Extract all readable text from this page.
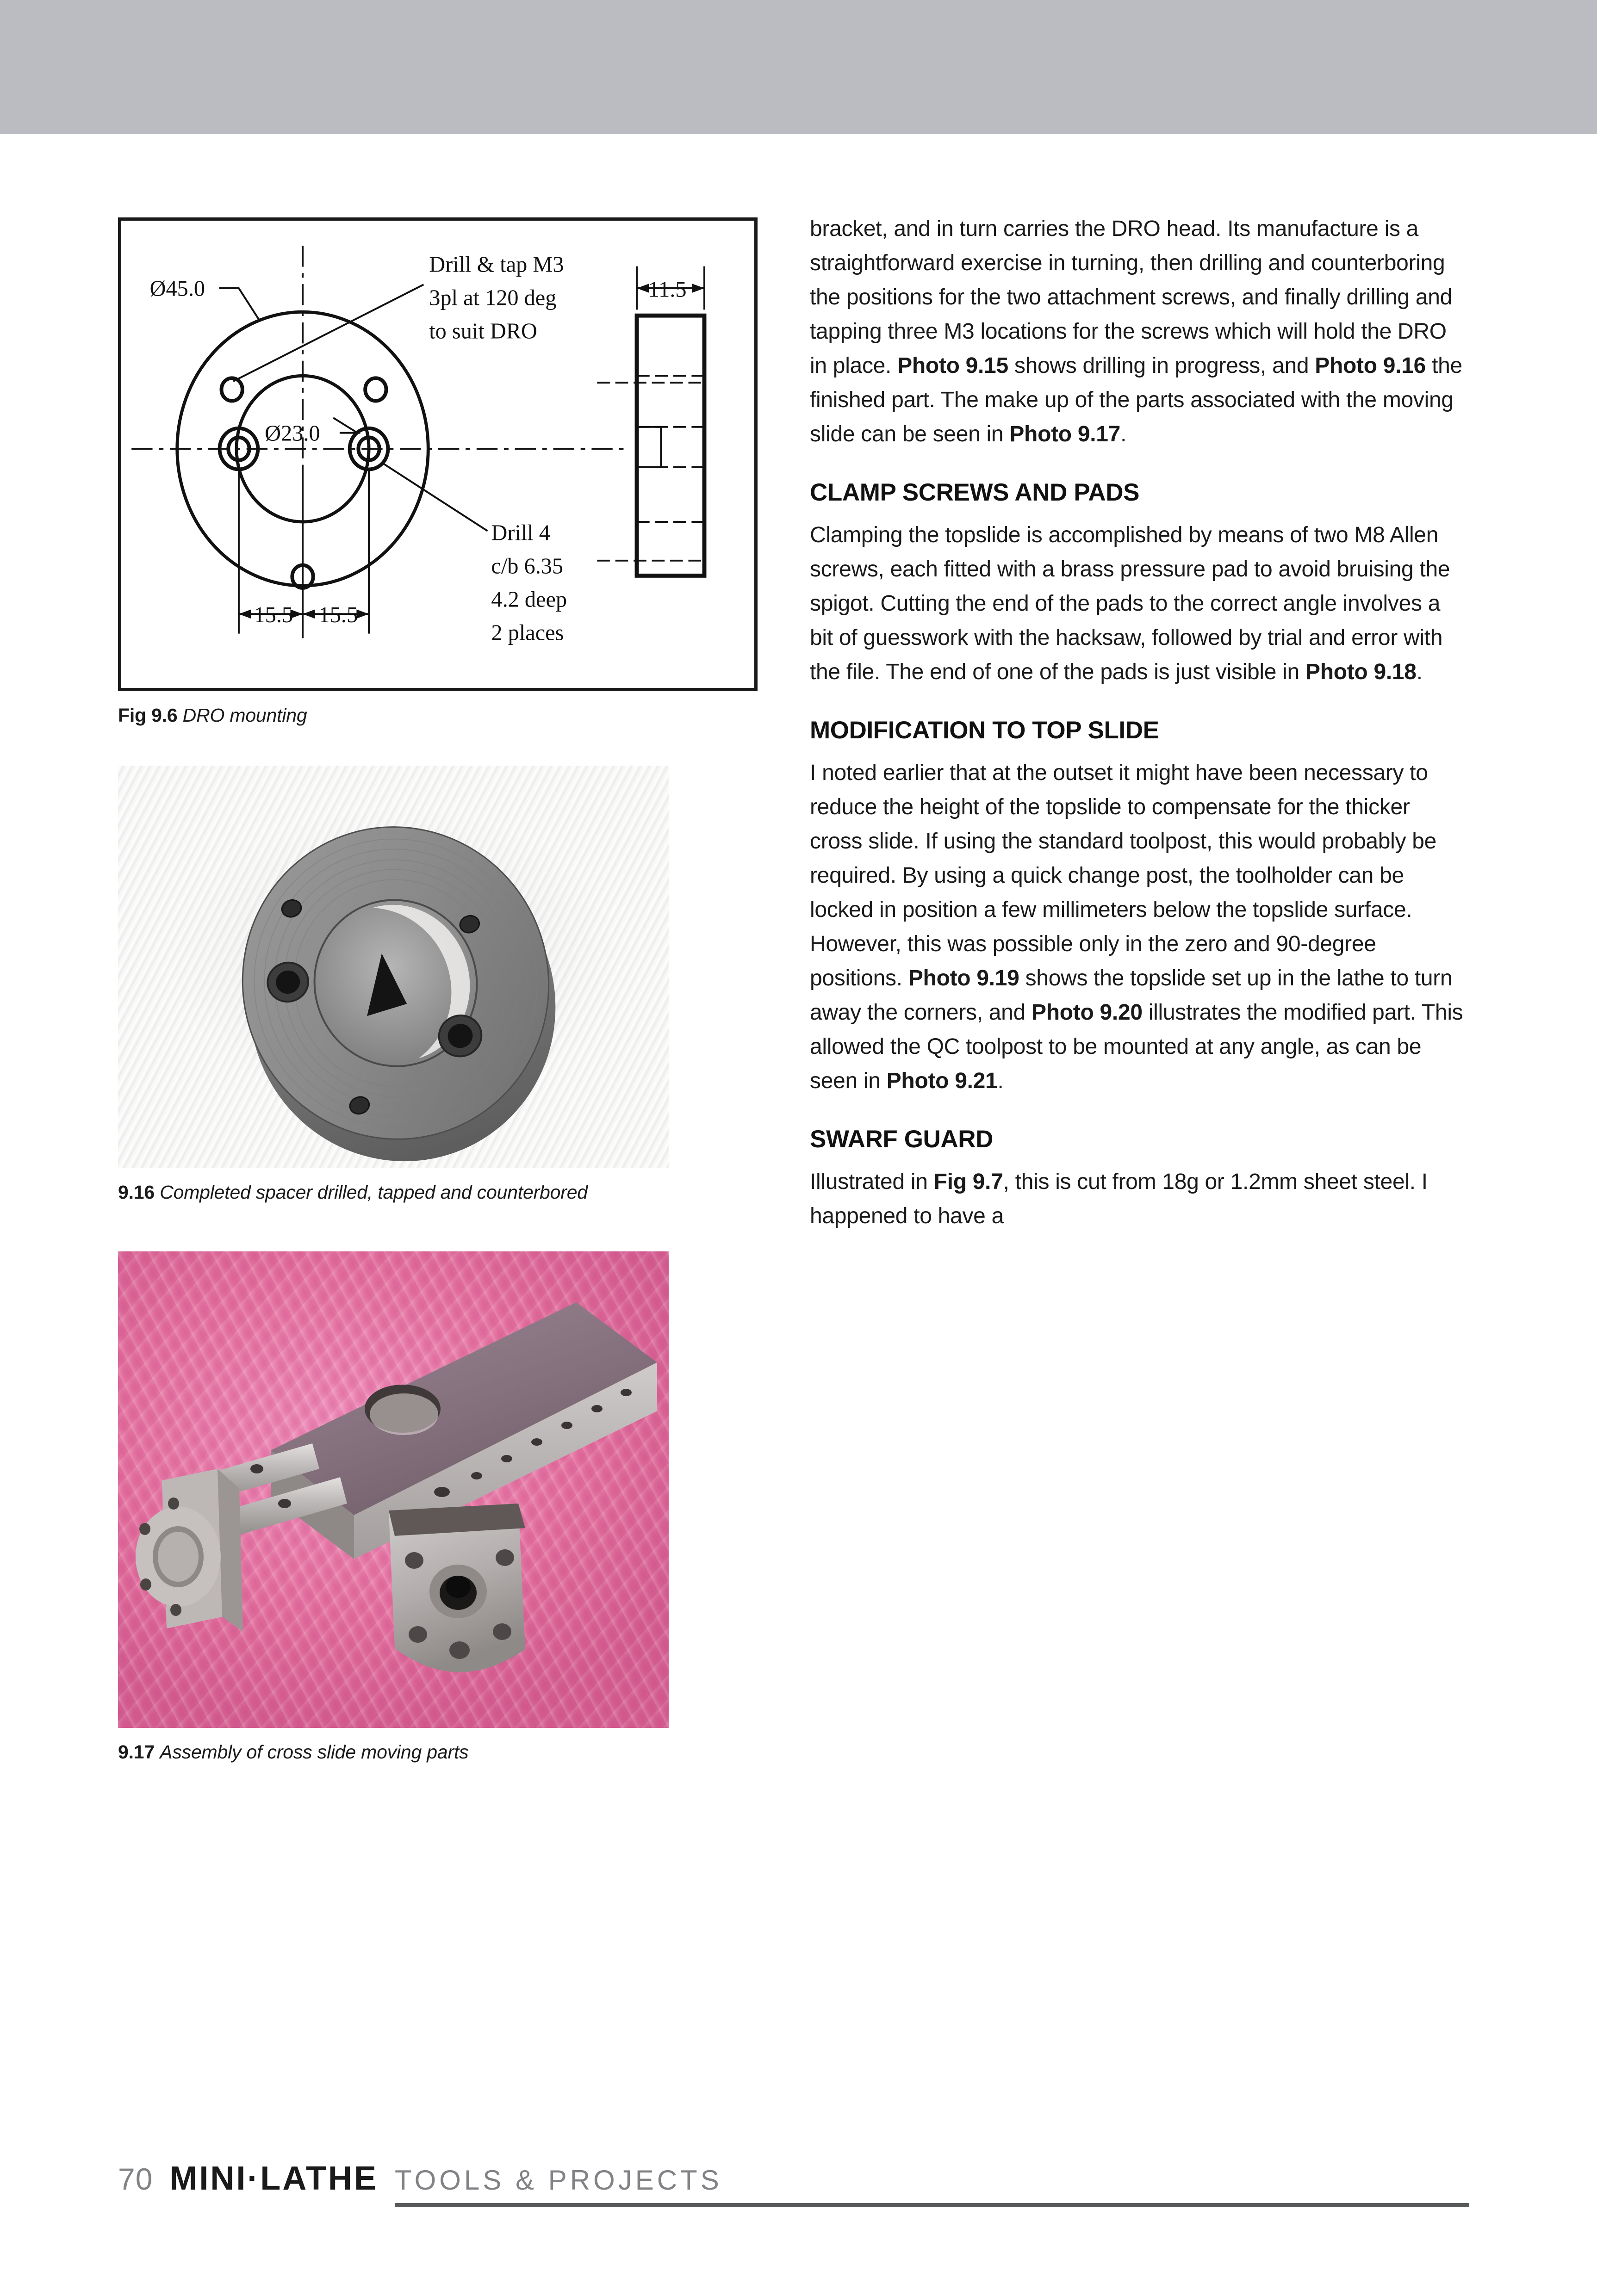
Ø45.0
Ø23.0
Drill & tap M3
3pl at 120 deg
to suit DRO
Drill 4
c/b 6.35
4.2 deep
2 places
15.5 15.5
11.5
Fig 9.6 DRO mounting
9.16 Completed spacer drilled, tapped and counterbored
9.17 Assembly of cross slide moving parts

bracket, and in turn carries the DRO head. Its manufacture is a straightforward exercise in turning, then drilling and counterboring the positions for the two attachment screws, and finally drilling and tapping three M3 locations for the screws which will hold the DRO in place. Photo 9.15 shows drilling in progress, and Photo 9.16 the finished part. The make up of the parts associated with the moving slide can be seen in Photo 9.17.

CLAMP SCREWS AND PADS

Clamping the topslide is accomplished by means of two M8 Allen screws, each fitted with a brass pressure pad to avoid bruising the spigot. Cutting the end of the pads to the correct angle involves a bit of guesswork with the hacksaw, followed by trial and error with the file. The end of one of the pads is just visible in Photo 9.18.

MODIFICATION TO TOP SLIDE

I noted earlier that at the outset it might have been necessary to reduce the height of the topslide to compensate for the thicker cross slide. If using the standard toolpost, this would probably be required. By using a quick change post, the toolholder can be locked in position a few millimeters below the topslide surface. However, this was possible only in the zero and 90-degree positions. Photo 9.19 shows the topslide set up in the lathe to turn away the corners, and Photo 9.20 illustrates the modified part. This allowed the QC toolpost to be mounted at any angle, as can be seen in Photo 9.21.

SWARF GUARD

Illustrated in Fig 9.7, this is cut from 18g or 1.2mm sheet steel. I happened to have a

70 MINI·LATHE TOOLS & PROJECTS
